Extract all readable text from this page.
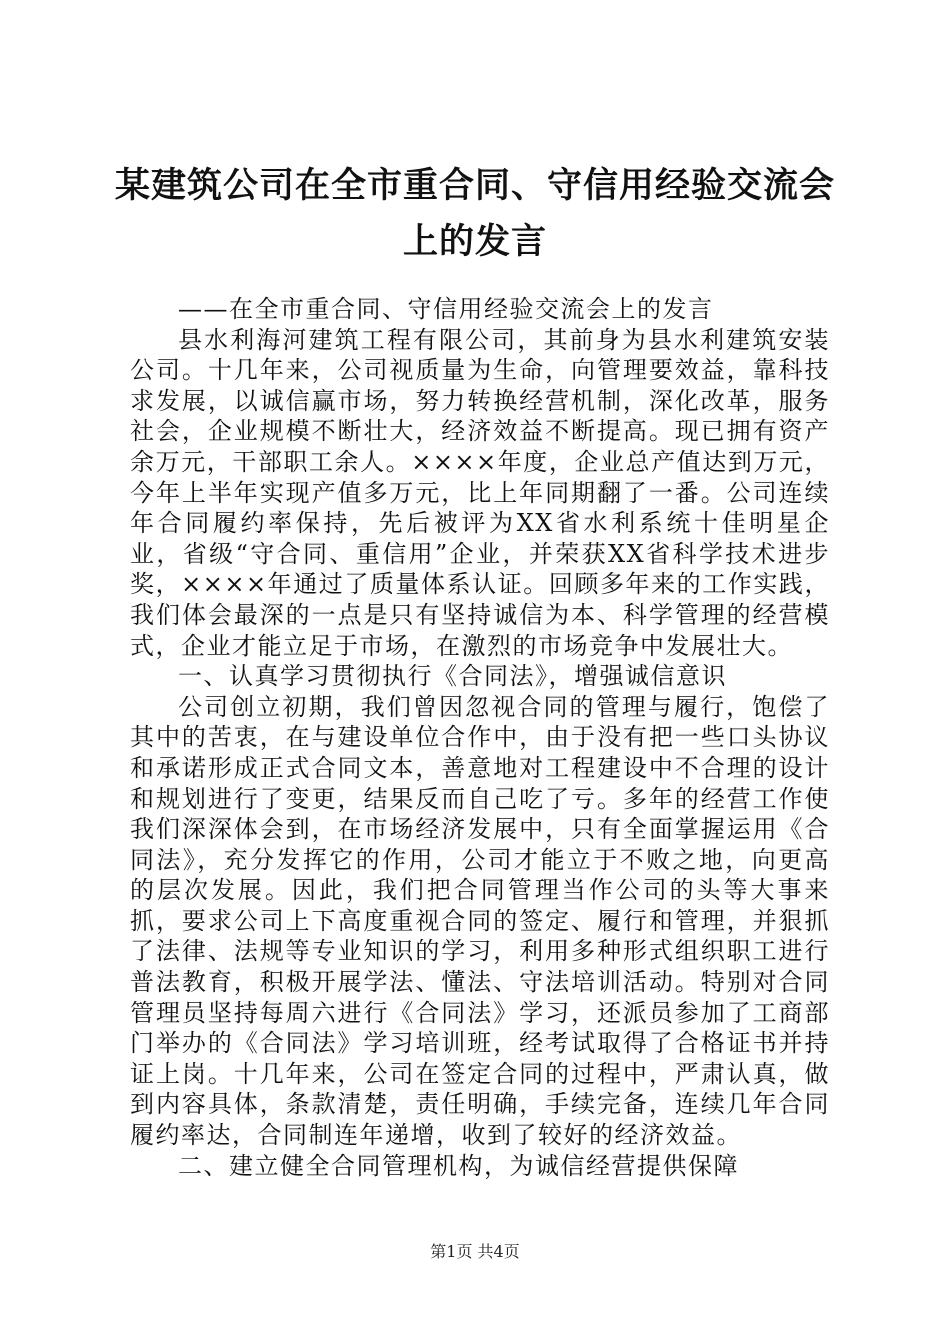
某建筑公司在全市重合同、守信用经验交流会上的发言

——在全市重合同、守信用经验交流会上的发言

县水利海河建筑工程有限公司，其前身为县水利建筑安装公司。十几年来，公司视质量为生命，向管理要效益，靠科技求发展，以诚信赢市场，努力转换经营机制，深化改革，服务社会，企业规模不断壮大，经济效益不断提高。现已拥有资产余万元，干部职工余人。××××年度，企业总产值达到万元，今年上半年实现产值多万元，比上年同期翻了一番。公司连续年合同履约率保持，先后被评为XX省水利系统十佳明星企业，省级“守合同、重信用”企业，并荣获XX省科学技术进步奖，××××年通过了质量体系认证。回顾多年来的工作实践，我们体会最深的一点是只有坚持诚信为本、科学管理的经营模式，企业才能立足于市场，在激烈的市场竞争中发展壮大。

一、认真学习贯彻执行《合同法》，增强诚信意识

公司创立初期，我们曾因忽视合同的管理与履行，饱偿了其中的苦衷，在与建设单位合作中，由于没有把一些口头协议和承诺形成正式合同文本，善意地对工程建设中不合理的设计和规划进行了变更，结果反而自己吃了亏。多年的经营工作使我们深深体会到，在市场经济发展中，只有全面掌握运用《合同法》，充分发挥它的作用，公司才能立于不败之地，向更高的层次发展。因此，我们把合同管理当作公司的头等大事来抓，要求公司上下高度重视合同的签定、履行和管理，并狠抓了法律、法规等专业知识的学习，利用多种形式组织职工进行普法教育，积极开展学法、懂法、守法培训活动。特别对合同管理员坚持每周六进行《合同法》学习，还派员参加了工商部门举办的《合同法》学习培训班，经考试取得了合格证书并持证上岗。十几年来，公司在签定合同的过程中，严肃认真，做到内容具体，条款清楚，责任明确，手续完备，连续几年合同履约率达，合同制连年递增，收到了较好的经济效益。

二、建立健全合同管理机构，为诚信经营提供保障

第1页 共4页
